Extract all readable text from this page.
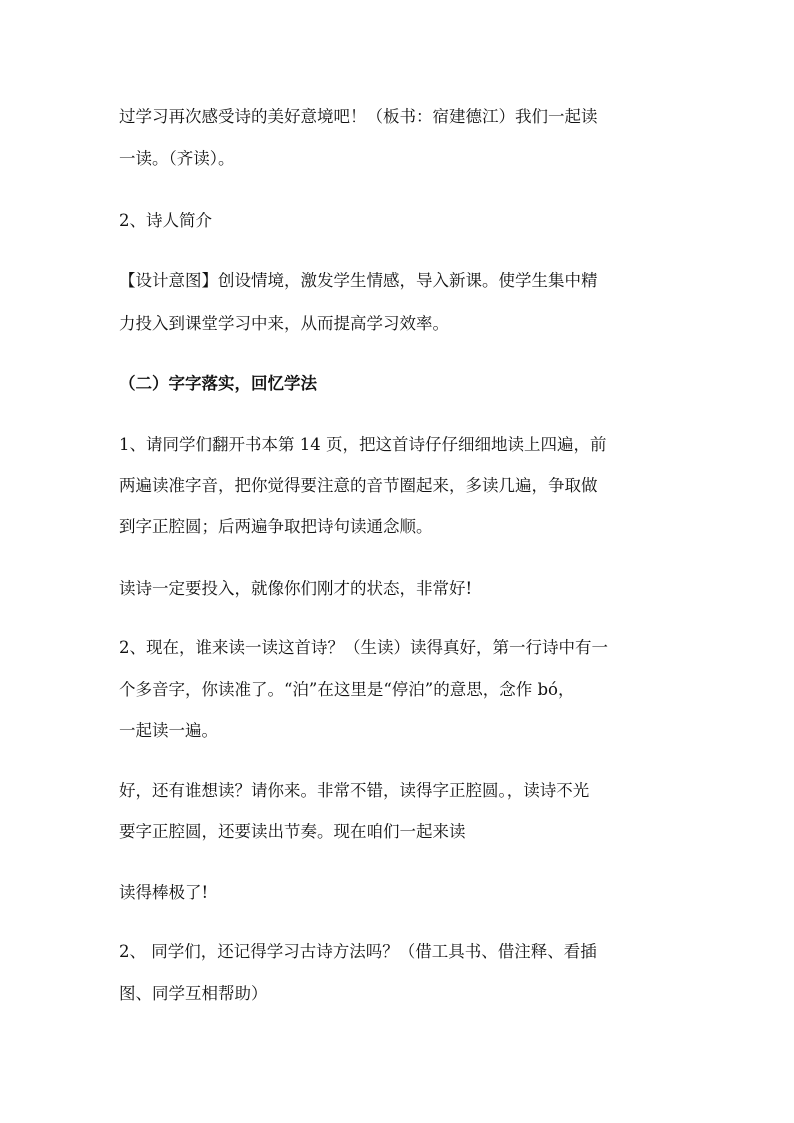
过学习再次感受诗的美好意境吧！（板书：宿建德江）我们一起读
一读。（齐读）。
2、诗人简介
【设计意图】创设情境，激发学生情感，导入新课。使学生集中精
力投入到课堂学习中来，从而提高学习效率。
（二）字字落实，回忆学法
1、请同学们翻开书本第 14 页，把这首诗仔仔细细地读上四遍，前
两遍读准字音，把你觉得要注意的音节圈起来，多读几遍，争取做
到字正腔圆；后两遍争取把诗句读通念顺。
读诗一定要投入，就像你们刚才的状态，非常好!
2、现在，谁来读一读这首诗？（生读）读得真好，第一行诗中有一
个多音字，你读准了。“泊”在这里是“停泊”的意思，念作 bó，
一起读一遍。
好，还有谁想读？请你来。非常不错，读得字正腔圆。，读诗不光
要字正腔圆，还要读出节奏。现在咱们一起来读
读得棒极了!
2、 同学们，还记得学习古诗方法吗？（借工具书、借注释、看插
图、同学互相帮助）
